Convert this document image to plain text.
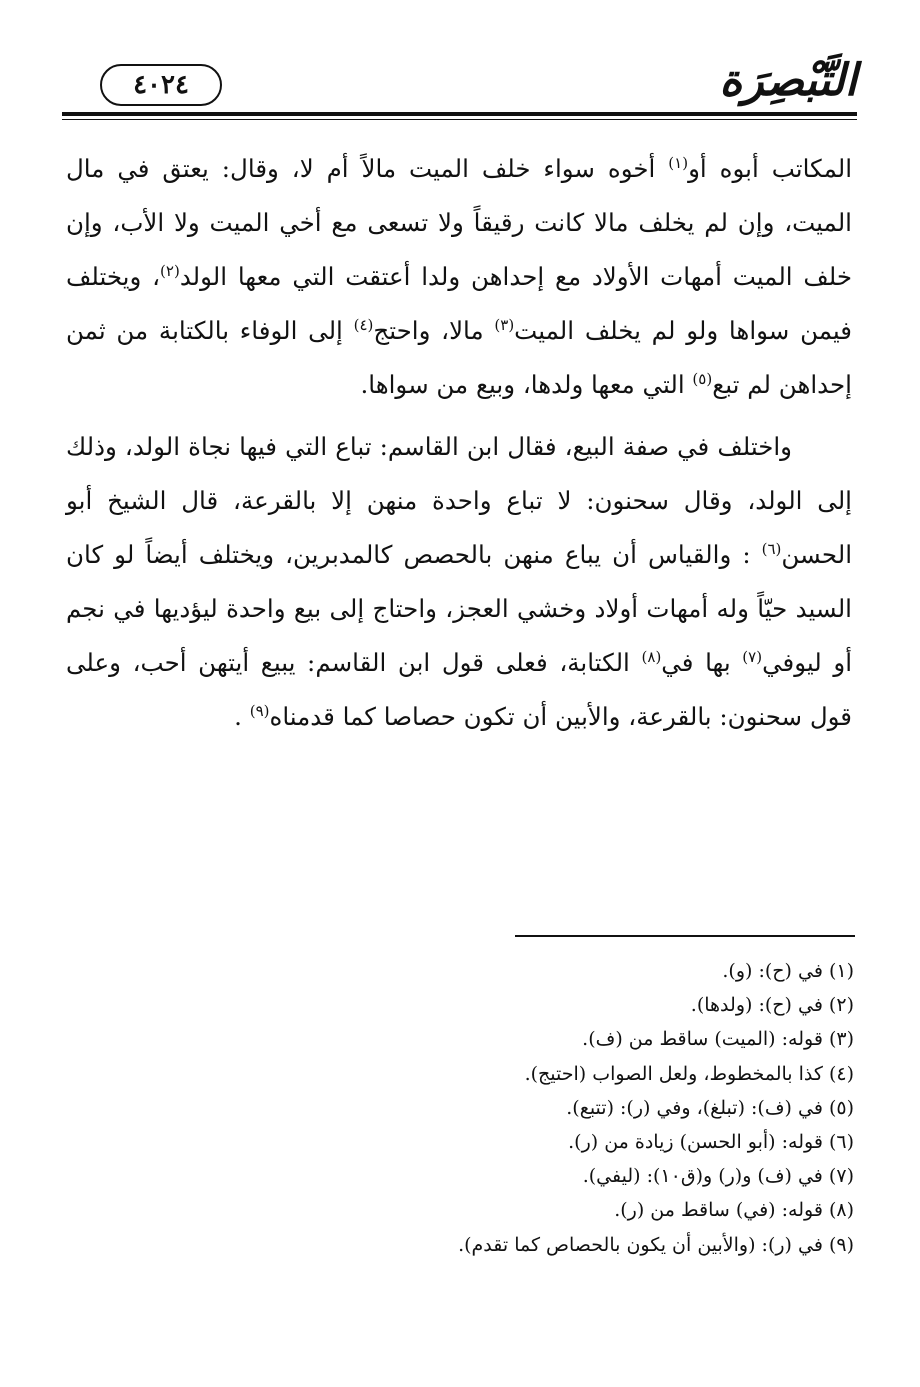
التَّبْصِرَة
٤٠٢٤

المكاتب أبوه أو$^{(١)}$ أخوه سواء خلف الميت مالاً أم لا، وقال: يعتق في مال الميت، وإن لم يخلف مالا كانت رقيقاً ولا تسعى مع أخي الميت ولا الأب، وإن خلف الميت أمهات الأولاد مع إحداهن ولدا أعتقت التي معها الولد$^{(٢)}$، ويختلف فيمن سواها ولو لم يخلف الميت$^{(٣)}$ مالا، واحتج$^{(٤)}$ إلى الوفاء بالكتابة من ثمن إحداهن لم تبع$^{(٥)}$ التي معها ولدها، وبيع من سواها.

واختلف في صفة البيع، فقال ابن القاسم: تباع التي فيها نجاة الولد، وذلك إلى الولد، وقال سحنون: لا تباع واحدة منهن إلا بالقرعة، قال الشيخ أبو الحسن$^{(٦)}$ : والقياس أن يباع منهن بالحصص كالمدبرين، ويختلف أيضاً لو كان السيد حيّاً وله أمهات أولاد وخشي العجز، واحتاج إلى بيع واحدة ليؤديها في نجم أو ليوفي$^{(٧)}$ بها في$^{(٨)}$ الكتابة، فعلى قول ابن القاسم: يبيع أيتهن أحب، وعلى قول سحنون: بالقرعة، والأبين أن تكون حصاصا كما قدمناه$^{(٩)}$ .

(١) في (ح): (و).
(٢) في (ح): (ولدها).
(٣) قوله: (الميت) ساقط من (ف).
(٤) كذا بالمخطوط، ولعل الصواب (احتيج).
(٥) في (ف): (تبلغ)، وفي (ر): (تتبع).
(٦) قوله: (أبو الحسن) زيادة من (ر).
(٧) في (ف) و(ر) و(ق١٠): (ليفي).
(٨) قوله: (في) ساقط من (ر).
(٩) في (ر): (والأبين أن يكون بالحصاص كما تقدم).
